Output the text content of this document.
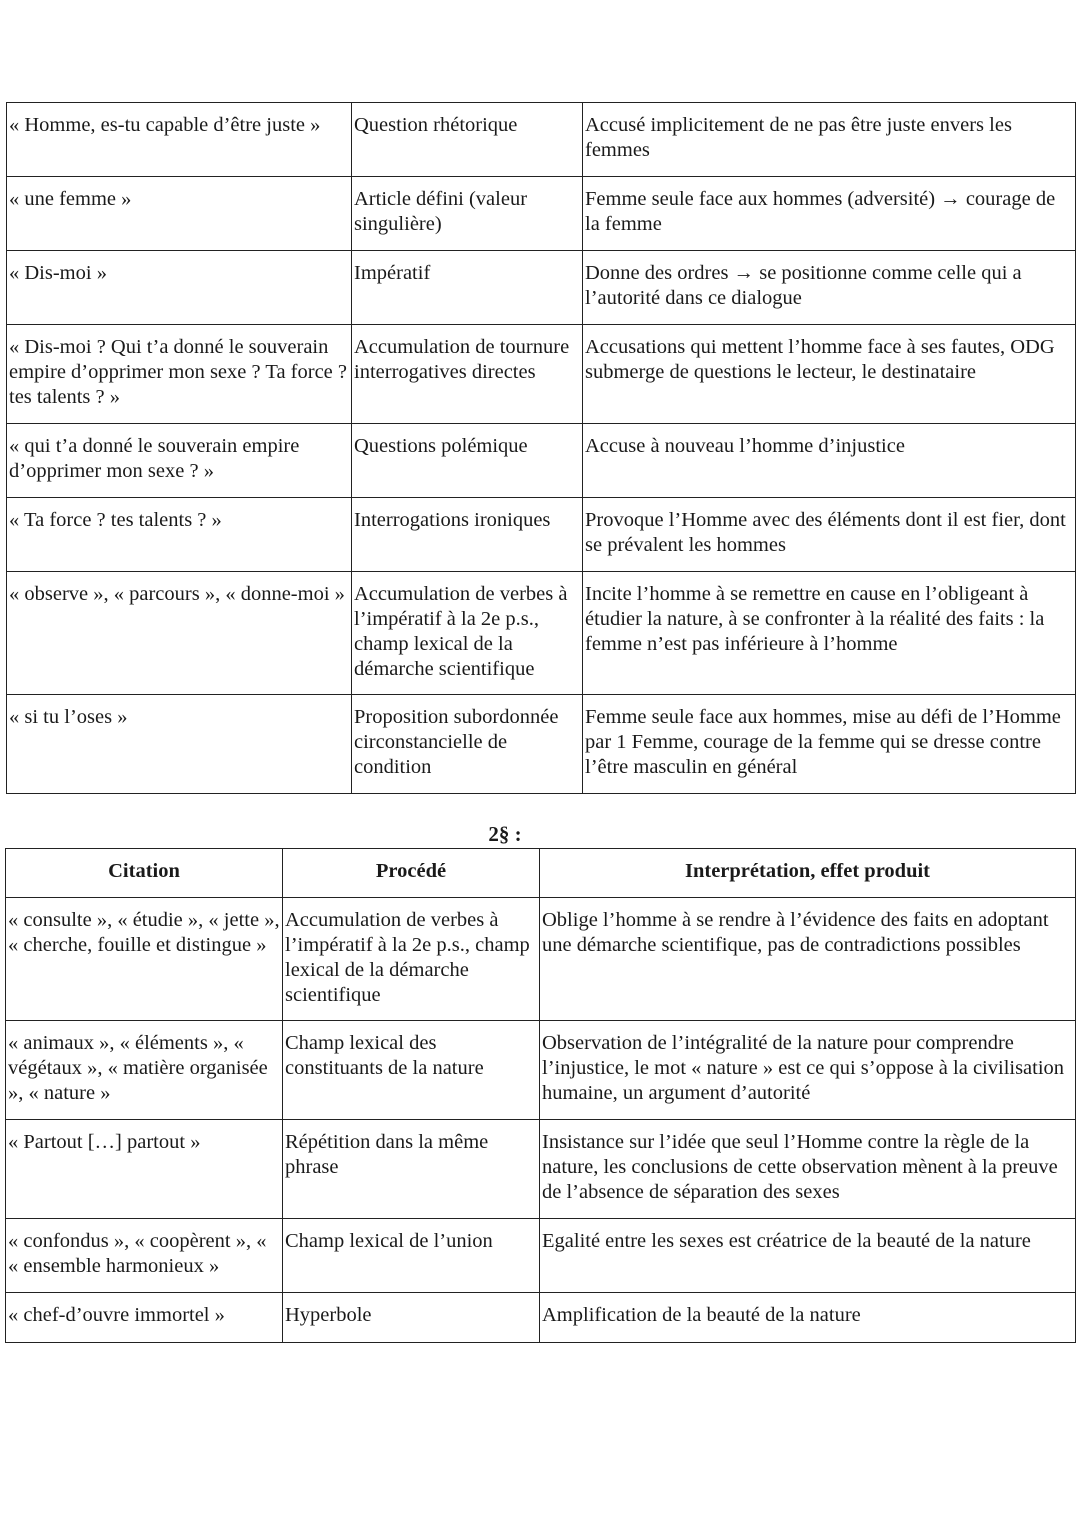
« Homme, es-tu capable d’être juste »	Question rhétorique	Accusé implicitement de ne pas être juste envers les femmes
« une femme »	Article défini (valeur singulière)	Femme seule face aux hommes (adversité) → courage de la femme
« Dis-moi »	Impératif	Donne des ordres → se positionne comme celle qui a l’autorité dans ce dialogue
« Dis-moi ? Qui t’a donné le souverain empire d’opprimer mon sexe ? Ta force ? tes talents ? »	Accumulation de tournure interrogatives directes	Accusations qui mettent l’homme face à ses fautes, ODG submerge de questions le lecteur, le destinataire
« qui t’a donné le souverain empire d’opprimer mon sexe ? »	Questions polémique	Accuse à nouveau l’homme d’injustice
« Ta force ? tes talents ? »	Interrogations ironiques	Provoque l’Homme avec des éléments dont il est fier, dont se prévalent les hommes
« observe », « parcours », « donne-moi »	Accumulation de verbes à l’impératif à la 2e p.s., champ lexical de la démarche scientifique	Incite l’homme à se remettre en cause en l’obligeant à étudier la nature, à se confronter à la réalité des faits : la femme n’est pas inférieure à l’homme
« si tu l’oses »	Proposition subordonnée circonstancielle de condition	Femme seule face aux hommes, mise au défi de l’Homme par 1 Femme, courage de la femme qui se dresse contre l’être masculin en général
2§ :
Citation	Procédé	Interprétation, effet produit
« consulte », « étudie », « jette », « cherche, fouille et distingue »	Accumulation de verbes à l’impératif à la 2e p.s., champ lexical de la démarche scientifique	Oblige l’homme à se rendre à l’évidence des faits en adoptant une démarche scientifique, pas de contradictions possibles
« animaux », « éléments », « végétaux », « matière organisée », « nature »	Champ lexical des constituants de la nature	Observation de l’intégralité de la nature pour comprendre l’injustice, le mot « nature » est ce qui s’oppose à la civilisation humaine, un argument d’autorité
« Partout […] partout »	Répétition dans la même phrase	Insistance sur l’idée que seul l’Homme contre la règle de la nature, les conclusions de cette observation mènent à la preuve de l’absence de séparation des sexes
« confondus », « coopèrent », « « ensemble harmonieux »	Champ lexical de l’union	Egalité entre les sexes est créatrice de la beauté de la nature
« chef-d’ouvre immortel »	Hyperbole	Amplification de la beauté de la nature
